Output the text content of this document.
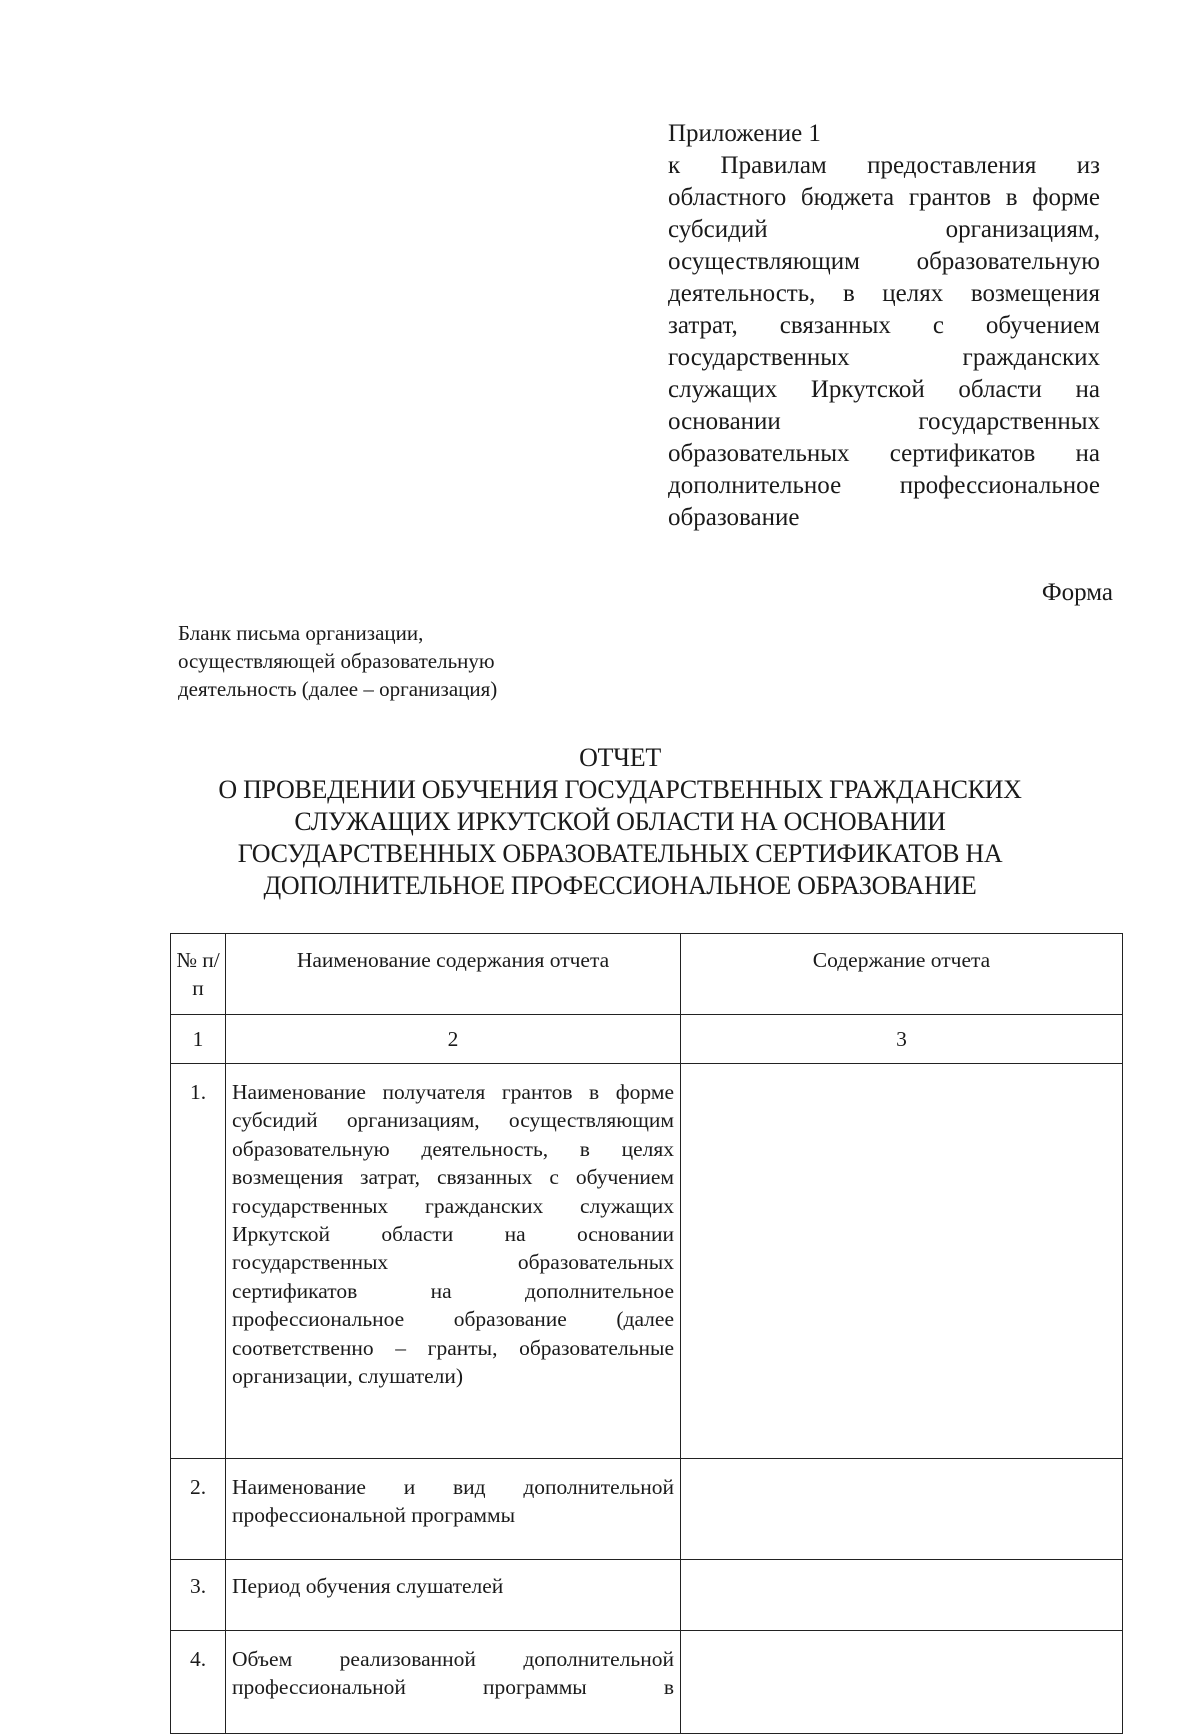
Приложение 1
к Правилам предоставления из областного бюджета грантов в форме субсидий организациям, осуществляющим образовательную деятельность, в целях возмещения затрат, связанных с обучением государственных гражданских служащих Иркутской области на основании государственных образовательных сертификатов на дополнительное профессиональное образование
Форма
Бланк письма организации,
осуществляющей образовательную
деятельность (далее – организация)
ОТЧЕТ
О ПРОВЕДЕНИИ ОБУЧЕНИЯ ГОСУДАРСТВЕННЫХ ГРАЖДАНСКИХ
СЛУЖАЩИХ ИРКУТСКОЙ ОБЛАСТИ НА ОСНОВАНИИ
ГОСУДАРСТВЕННЫХ ОБРАЗОВАТЕЛЬНЫХ СЕРТИФИКАТОВ НА
ДОПОЛНИТЕЛЬНОЕ ПРОФЕССИОНАЛЬНОЕ ОБРАЗОВАНИЕ
№ п/п	Наименование содержания отчета	Содержание отчета
1	2	3
1.	Наименование получателя грантов в форме субсидий организациям, осуществляющим образовательную деятельность, в целях возмещения затрат, связанных с обучением государственных гражданских служащих Иркутской области на основании государственных образовательных сертификатов на дополнительное профессиональное образование (далее соответственно – гранты, образовательные организации, слушатели)	
2.	Наименование и вид дополнительной профессиональной программы	
3.	Период обучения слушателей	
4.	Объем реализованной дополнительной профессиональной программы в	
